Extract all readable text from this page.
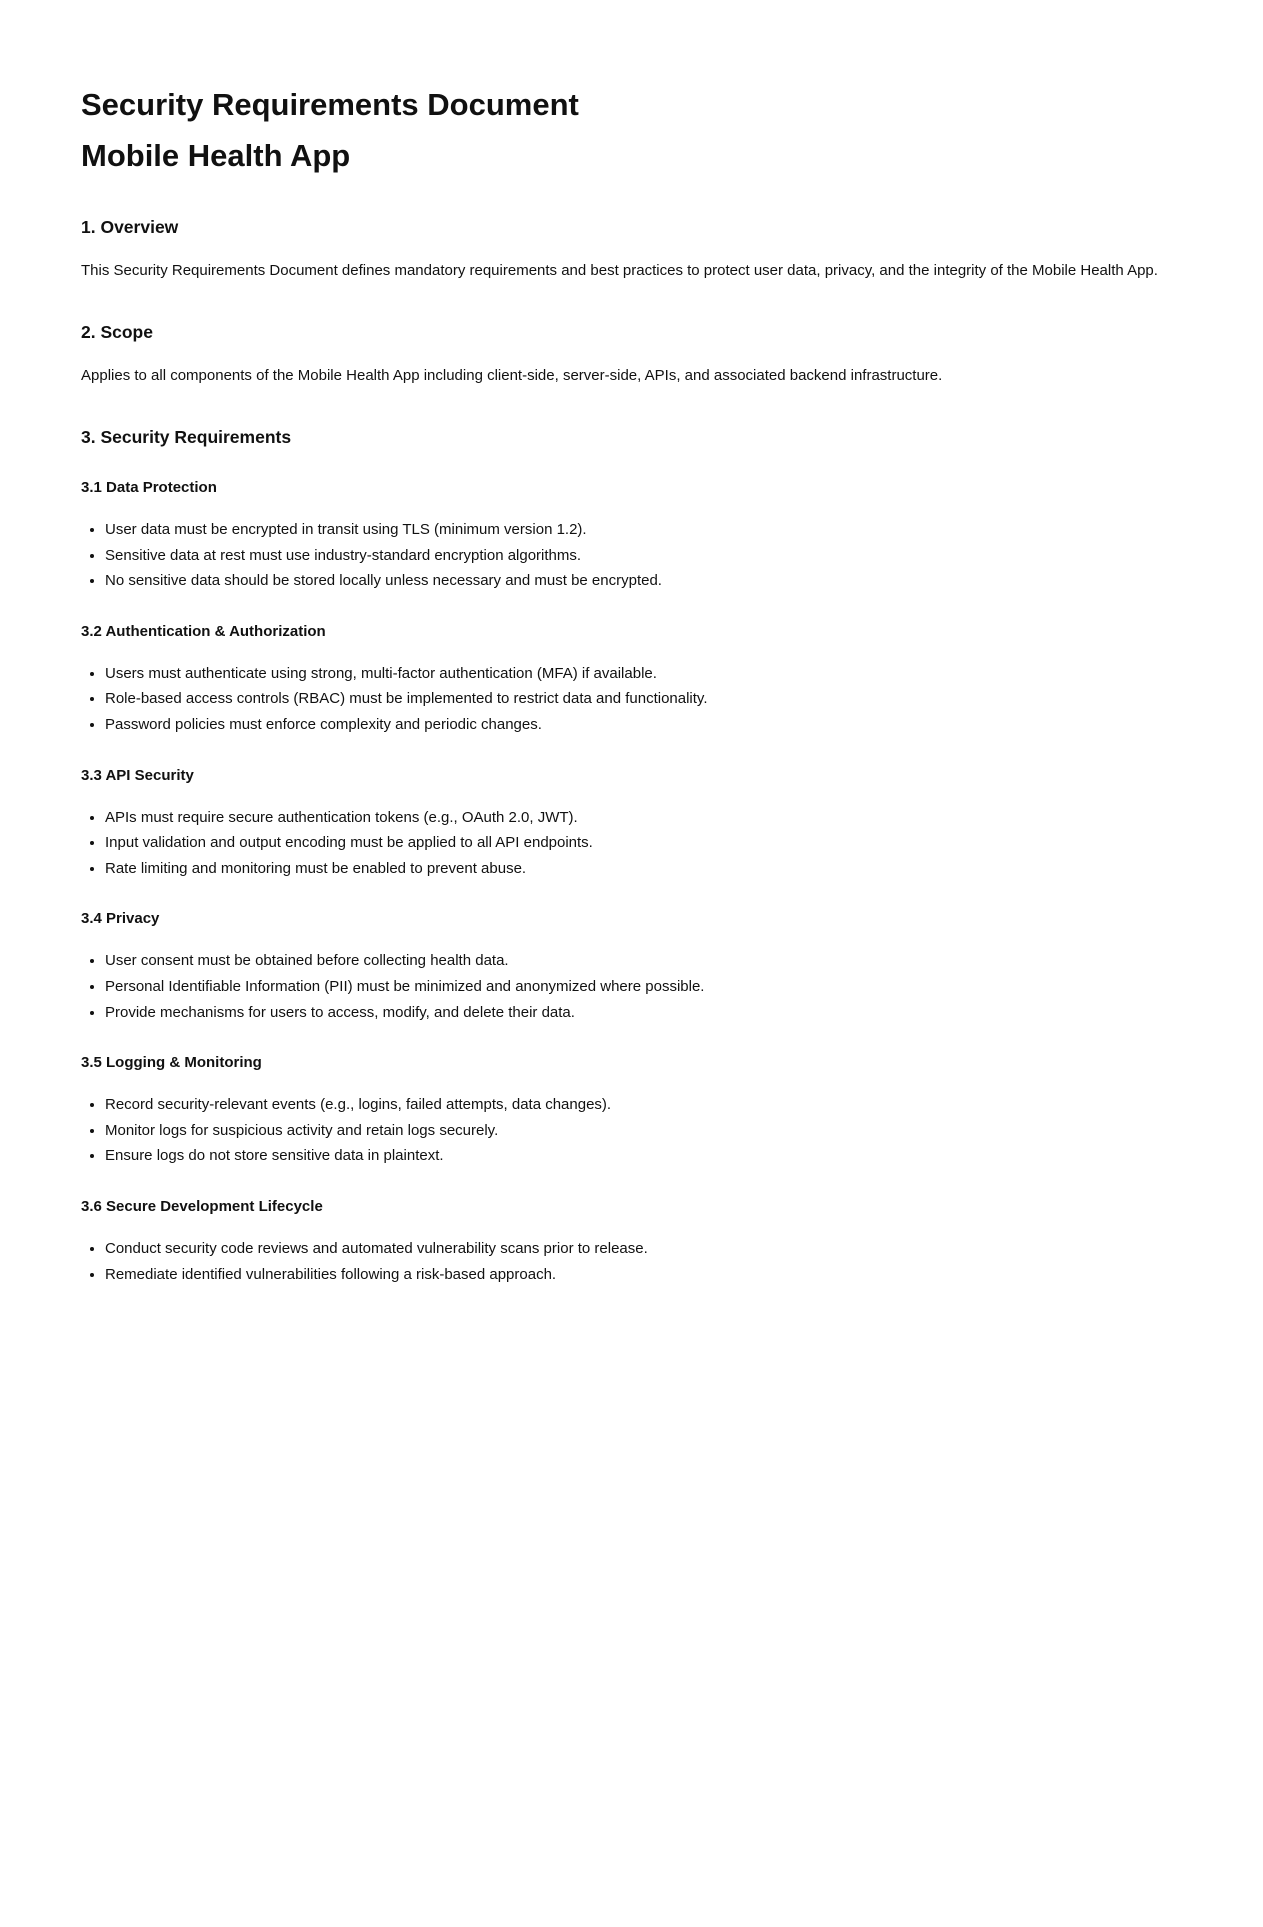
Security Requirements Document
Mobile Health App
1. Overview

This Security Requirements Document defines mandatory requirements and best practices to protect user data, privacy, and the integrity of the Mobile Health App.

2. Scope

Applies to all components of the Mobile Health App including client-side, server-side, APIs, and associated backend infrastructure.

3. Security Requirements
3.1 Data Protection
• User data must be encrypted in transit using TLS (minimum version 1.2).
• Sensitive data at rest must use industry-standard encryption algorithms.
• No sensitive data should be stored locally unless necessary and must be encrypted.
3.2 Authentication & Authorization
• Users must authenticate using strong, multi-factor authentication (MFA) if available.
• Role-based access controls (RBAC) must be implemented to restrict data and functionality.
• Password policies must enforce complexity and periodic changes.
3.3 API Security
• APIs must require secure authentication tokens (e.g., OAuth 2.0, JWT).
• Input validation and output encoding must be applied to all API endpoints.
• Rate limiting and monitoring must be enabled to prevent abuse.
3.4 Privacy
• User consent must be obtained before collecting health data.
• Personal Identifiable Information (PII) must be minimized and anonymized where possible.
• Provide mechanisms for users to access, modify, and delete their data.
3.5 Logging & Monitoring
• Record security-relevant events (e.g., logins, failed attempts, data changes).
• Monitor logs for suspicious activity and retain logs securely.
• Ensure logs do not store sensitive data in plaintext.
3.6 Secure Development Lifecycle
• Conduct security code reviews and automated vulnerability scans prior to release.
• Remediate identified vulnerabilities following a risk-based approach.
